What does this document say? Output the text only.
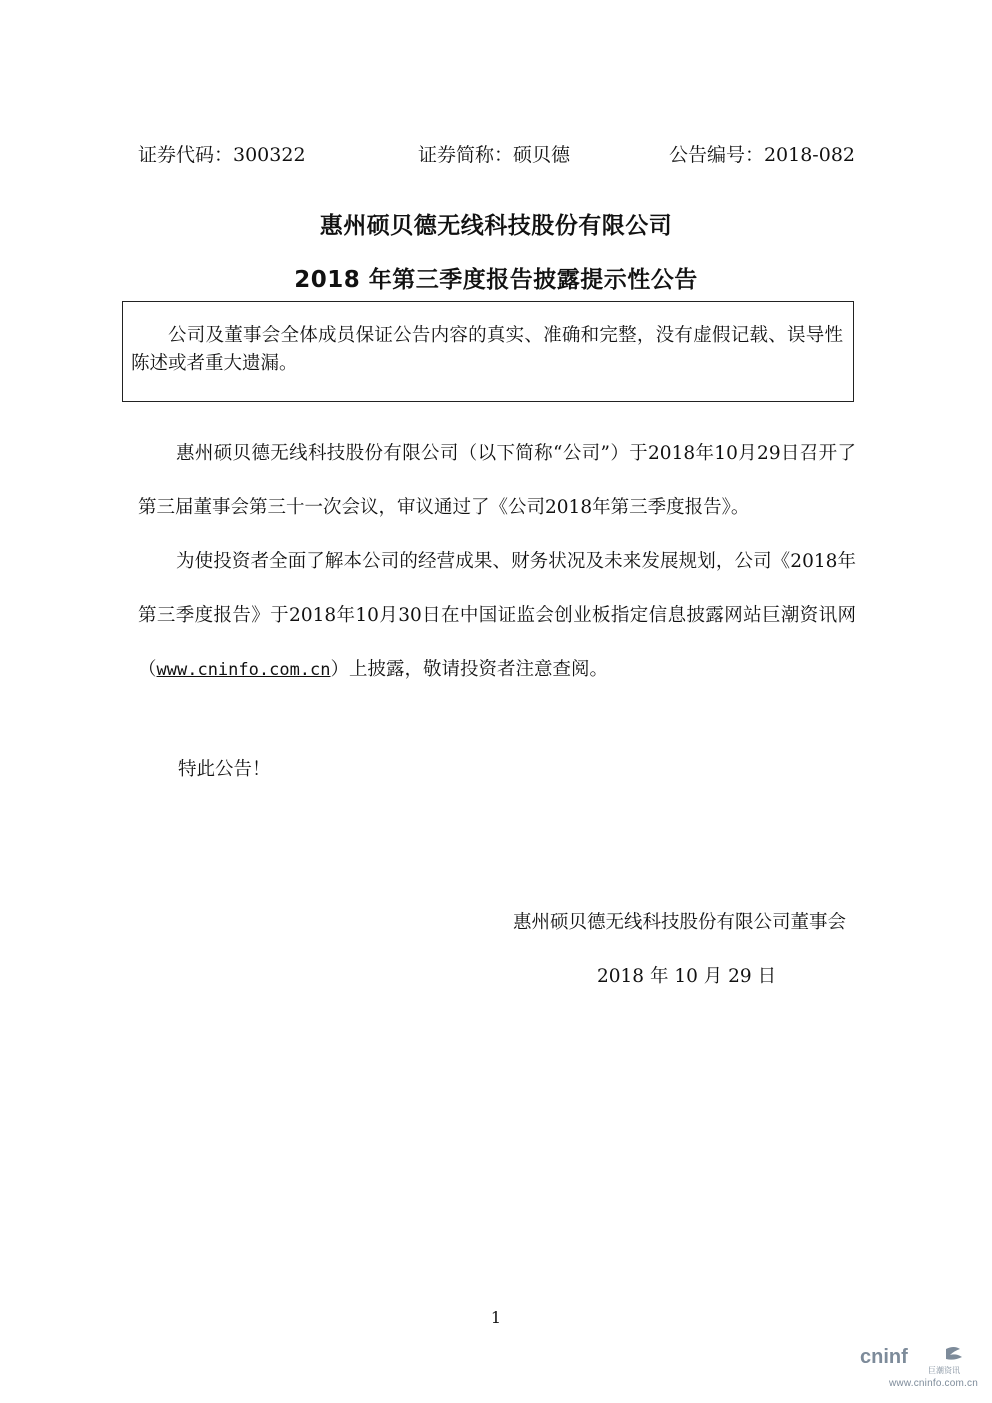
证券代码：300322	证券简称：硕贝德	公告编号：2018-082
惠州硕贝德无线科技股份有限公司
2018 年第三季度报告披露提示性公告
公司及董事会全体成员保证公告内容的真实、准确和完整，没有虚假记载、误导性陈述或者重大遗漏。

惠州硕贝德无线科技股份有限公司（以下简称“公司”）于2018年10月29日召开了第三届董事会第三十一次会议，审议通过了《公司2018年第三季度报告》。

为使投资者全面了解本公司的经营成果、财务状况及未来发展规划，公司《2018年第三季度报告》于2018年10月30日在中国证监会创业板指定信息披露网站巨潮资讯网（www.cninfo.com.cn）上披露，敬请投资者注意查阅。

特此公告！
惠州硕贝德无线科技股份有限公司董事会
2018 年 10 月 29 日
1
cninf
巨潮资讯
www.cninfo.com.cn
